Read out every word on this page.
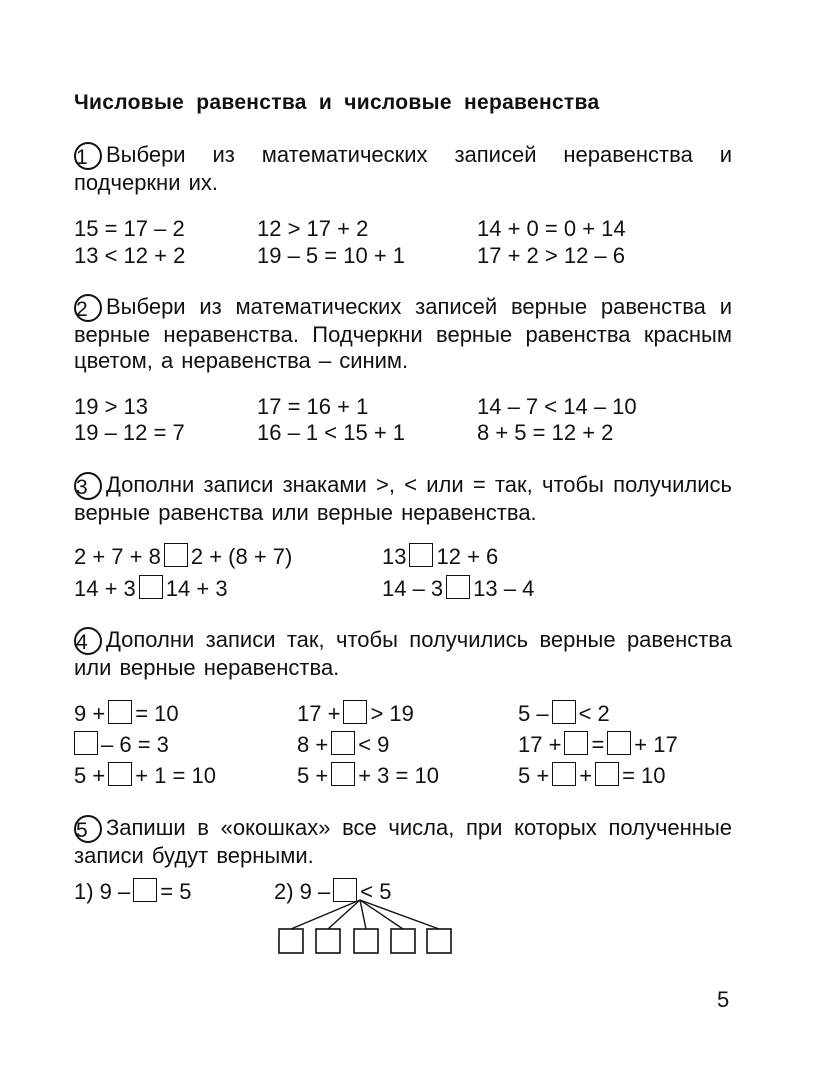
Числовые равенства и числовые неравенства
1 Выбери из математических записей неравенства и подчеркни их.
15 = 17 – 2	12 > 17 + 2	14 + 0 = 0 + 14
13 < 12 + 2	19 – 5 = 10 + 1	17 + 2 > 12 – 6
2 Выбери из математических записей верные равенства и верные неравенства. Подчеркни верные равенства красным цветом, а неравенства – синим.
19 > 13	17 = 16 + 1	14 – 7 < 14 – 10
19 – 12 = 7	16 – 1 < 15 + 1	8 + 5 = 12 + 2
3 Дополни записи знаками >, < или = так, чтобы получились верные равенства или верные неравенства.
2 + 7 + 8 2 + (8 + 7)	13 12 + 6
14 + 3 14 + 3	14 – 3 13 – 4
4 Дополни записи так, чтобы получились верные равенства или верные неравенства.
9 + = 10	17 + > 19	5 – < 2
– 6 = 3	8 + < 9	17 + = + 17
5 + + 1 = 10	5 + + 3 = 10	5 + + = 10
5 Запиши в «окошках» все числа, при которых полученные записи будут верными.
1) 9 – = 5	2) 9 – < 5
5
